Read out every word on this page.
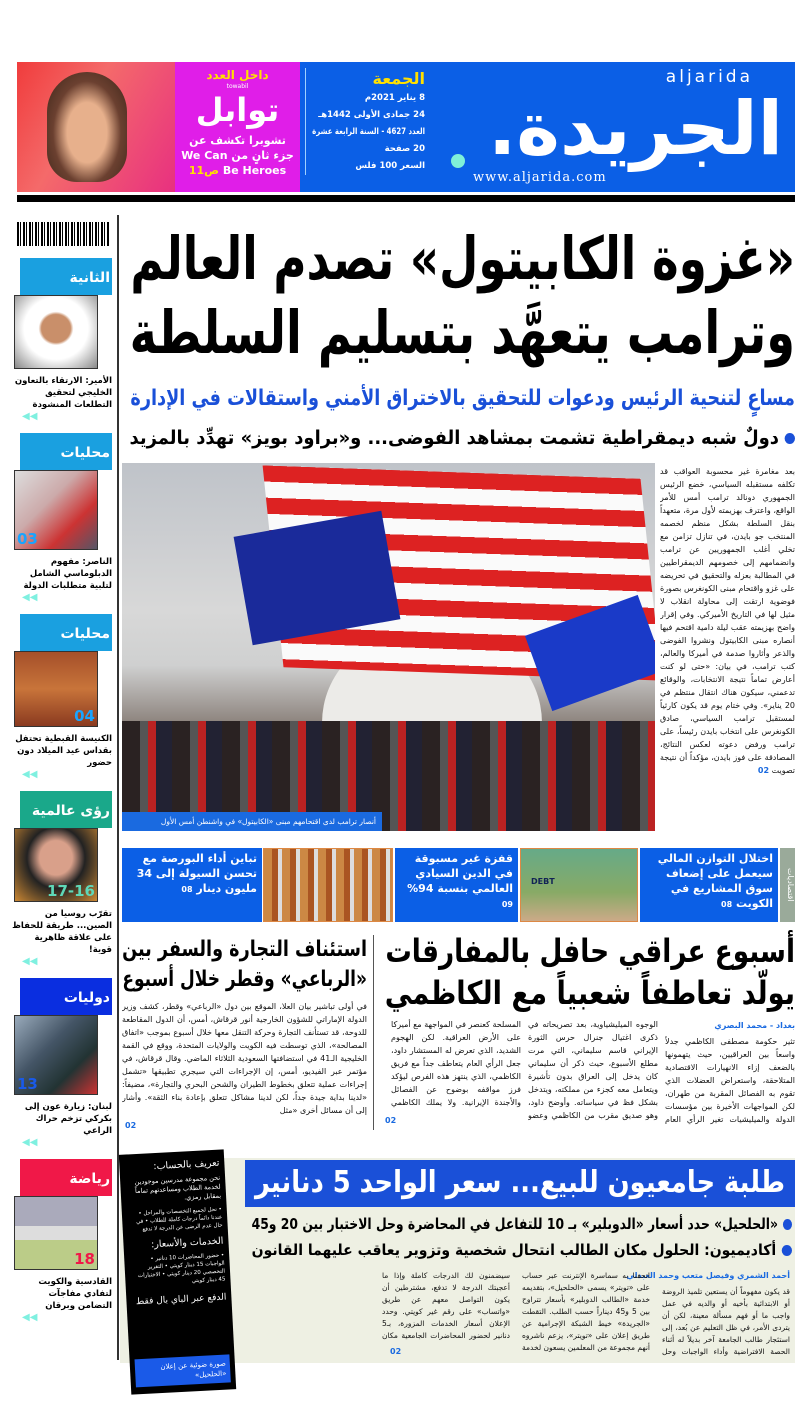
داخل العدد
towabil
توابل
تشوبرا تكشف عن جزء ثانٍ من We Can Be Heroes ص11
aljarida
الجريدة.
www.aljarida.com
الجمعة
8 يناير 2021م
24 جمادى الأولى 1442هـ
العدد 4627 - السنة الرابعة عشرة
20 صفحة
السعر 100 فلس
الثانية
الأمير: الارتقاء بالتعاون الخليجي لتحقيق التطلعات المنشودة
◀◀
محليات
03
الناصر: مفهوم الدبلوماسي الشامل لتلبية متطلبات الدولة
◀◀
محليات
04
الكنيسة القبطية تحتفل بقداس عيد الميلاد دون حضور
◀◀
رؤى عالمية
17-16
تقرّب روسيا من الصين... طريقة للحفاظ على علاقة ظاهرية قوية!
◀◀
دوليات
13
لبنان: زيارة عون إلى بكركي تزخم حراك الراعي
◀◀
رياضة
18
القادسية والكويت لتفادي مفاجآت التضامن وبرقان
◀◀
«غزوة الكابيتول» تصدم العالم
وترامب يتعهَّد بتسليم السلطة
مساعٍ لتنحية الرئيس ودعوات للتحقيق بالاختراق الأمني واستقالات في الإدارة
دولٌ شبه ديمقراطية تشمت بمشاهد الفوضى... و«براود بويز» تهدِّد بالمزيد
أنصار ترامب لدى اقتحامهم مبنى «الكابيتول» في واشنطن أمس الأول
بعد مغامرة غير محسوبة العواقب قد تكلفه مستقبله السياسي، خضع الرئيس الجمهوري دونالد ترامب أمس للأمر الواقع، واعترف بهزيمته لأول مرة، متعهداً بنقل السلطة بشكل منظم لخصمه المنتخب جو بايدن، في تنازل تزامن مع تخلي أغلب الجمهوريين عن ترامب وانضمامهم إلى خصومهم الديمقراطيين في المطالبة بعزله والتحقيق في تحريضه على غزو واقتحام مبنى الكونغرس بصورة فوضوية ارتقت إلى محاولة انقلاب لا مثيل لها في التاريخ الأميركي. وفي إقرار واضح بهزيمته عقب ليلة دامية اقتحم فيها أنصاره مبنى الكابيتول ونشروا الفوضى والذعر وأثاروا صدمة في أميركا والعالم، كتب ترامب، في بيان: «حتى لو كنت أعارض تماماً نتيجة الانتخابات، والوقائع تدعمني، سيكون هناك انتقال منتظم في 20 يناير». وفي ختام يوم قد يكون كارثياً لمستقبل ترامب السياسي، صادق الكونغرس على انتخاب بايدن رئيساً، على ترامب ورفض دعوته لعكس النتائج، المصادقة على فوز بايدن، مؤكداً أن نتيجة تصويت 02
اقتصاديات
اختلال التوازن المالي سيعمل على إضعاف سوق المشاريع في الكويت 08
DEBT
قفزة غير مسبوقة في الدين السيادي العالمي بنسبة 94% 09
تباين أداء البورصة مع تحسن السيولة إلى 34 مليون دينار 08
أسبوع عراقي حافل بالمفارقات
يولّد تعاطفاً شعبياً مع الكاظمي
بغداد - محمد البصري
تثير حكومة مصطفى الكاظمي جدلاً واسعاً بين العراقيين، حيث يتهمونها بالضعف إزاء الانهيارات الاقتصادية المتلاحقة، واستعراض العضلات الذي تقوم به الفصائل المقربة من طهران، لكن المواجهات الأخيرة بين مؤسسات الدولة والميليشيات تغير الرأي العام
الوجوه الميليشياوية، بعد تصريحاته في ذكرى اغتيال جنرال حرس الثورة الإيراني قاسم سليماني، التي مرت مطلع الأسبوع، حيث ذكر أن سليماني كان يدخل إلى العراق بدون تأشيرة ويتعامل معه كجزء من مملكته، ويتدخل بشكل فظ في سياساته. وأوضح داود، وهو صديق مقرب من الكاظمي وعضو
المسلحة كعنصر في المواجهة مع أميركا على الأرض العراقية. لكن الهجوم الشديد، الذي تعرض له المستشار داود، جعل الرأي العام يتعاطف جداً مع فريق الكاظمي، الذي ينتهز هذه الفرص ليؤكد فرز مواقفه بوضوح عن الفصائل والأجندة الإيرانية. ولا يملك الكاظمي
02
استئناف التجارة والسفر بين
«الرباعي» وقطر خلال أسبوع
في أولى تباشير بيان العلا، الموقع بين دول «الرباعي» وقطر، كشف وزير الدولة الإماراتي للشؤون الخارجية أنور قرقاش، أمس، أن الدول المقاطعة للدوحة، قد تستأنف التجارة وحركة التنقل معها خلال أسبوع بموجب «اتفاق المصالحة»، الذي توسطت فيه الكويت والولايات المتحدة، ووقع في القمة الخليجية الـ41 في استضافتها السعودية الثلاثاء الماضي. وقال قرقاش، في مؤتمر عبر الفيديو، أمس، إن الإجراءات التي سيجري تطبيقها «تشمل إجراءات عملية تتعلق بخطوط الطيران والشحن البحري والتجارة»، مضيفاً: «لدينا بداية جيدة جداً، لكن لدينا مشاكل تتعلق بإعادة بناء الثقة». وأشار إلى أن مسائل أخرى «مثل
02
طلبة جامعيون للبيع... سعر الواحد 5 دنانير
«الحلحيل» حدد أسعار «الدوبلير» بـ 10 للتفاعل في المحاضرة وحل الاختبار بين 20 و45
أكاديميون: الحلول مكان الطالب انتحال شخصية وتزوير يعاقب عليهما القانون
أحمد الشمري وفيصل متعب وحمد العبدلي
قد يكون مفهوماً أن يستعين تلميذ الروضة أو الابتدائية بأخيه أو والديه في عمل واجب ما أو فهم مسألة معينة، لكن أن يتردى الأمر، في ظل التعليم عن بُعد، إلى استئجار طالب الجامعة آخر بديلاً له أثناء الحصة الافتراضية وأداء الواجبات وحل
اتحفنا به سماسرة الإنترنت عبر حساب على «تويتر» يسمى «الحلحيل»، بتقديمه خدمة «الطالب الدوبلير» بأسعار تتراوح بين 5 و45 ديناراً حسب الطلب. التقطت «الجريدة» خيط الشبكة الإجرامية عن طريق إعلان على «تويتر»، يزعم ناشروه أنهم مجموعة من المعلمين يسعون لخدمة
سيضمنون لك الدرجات كاملة وإذا ما أعجبتك الدرجة لا تدفع، مشترطين أن يكون التواصل معهم عن طريق «واتساب» على رقم غير كويتي. وحدد الإعلان أسعار الخدمات المزورة، بـ5 دنانير لحضور المحاضرات الجامعية مكان
02
تعريف بالحساب:
نحن مجموعة مدرسين موجودين لخدمة الطلاب ومساعدتهم تماماً بمقابل رمزي.
• نحل لجميع التخصصات والمراحل • عندنا دائماً درجات كاملة للطلاب • في حال عدم الرضى عن الدرجة لا تدفع
الخدمات والأسعار:
• حضور المحاضرات 10 دنانير • الواجبات 15 دينار كويتي • التقرير التخصصي 20 دينار كويتي • الاختبارات 45 دينار كويتي
الدفع عبر الباي بال فقط
صورة ضوئية عن إعلان «الحلحيل»
